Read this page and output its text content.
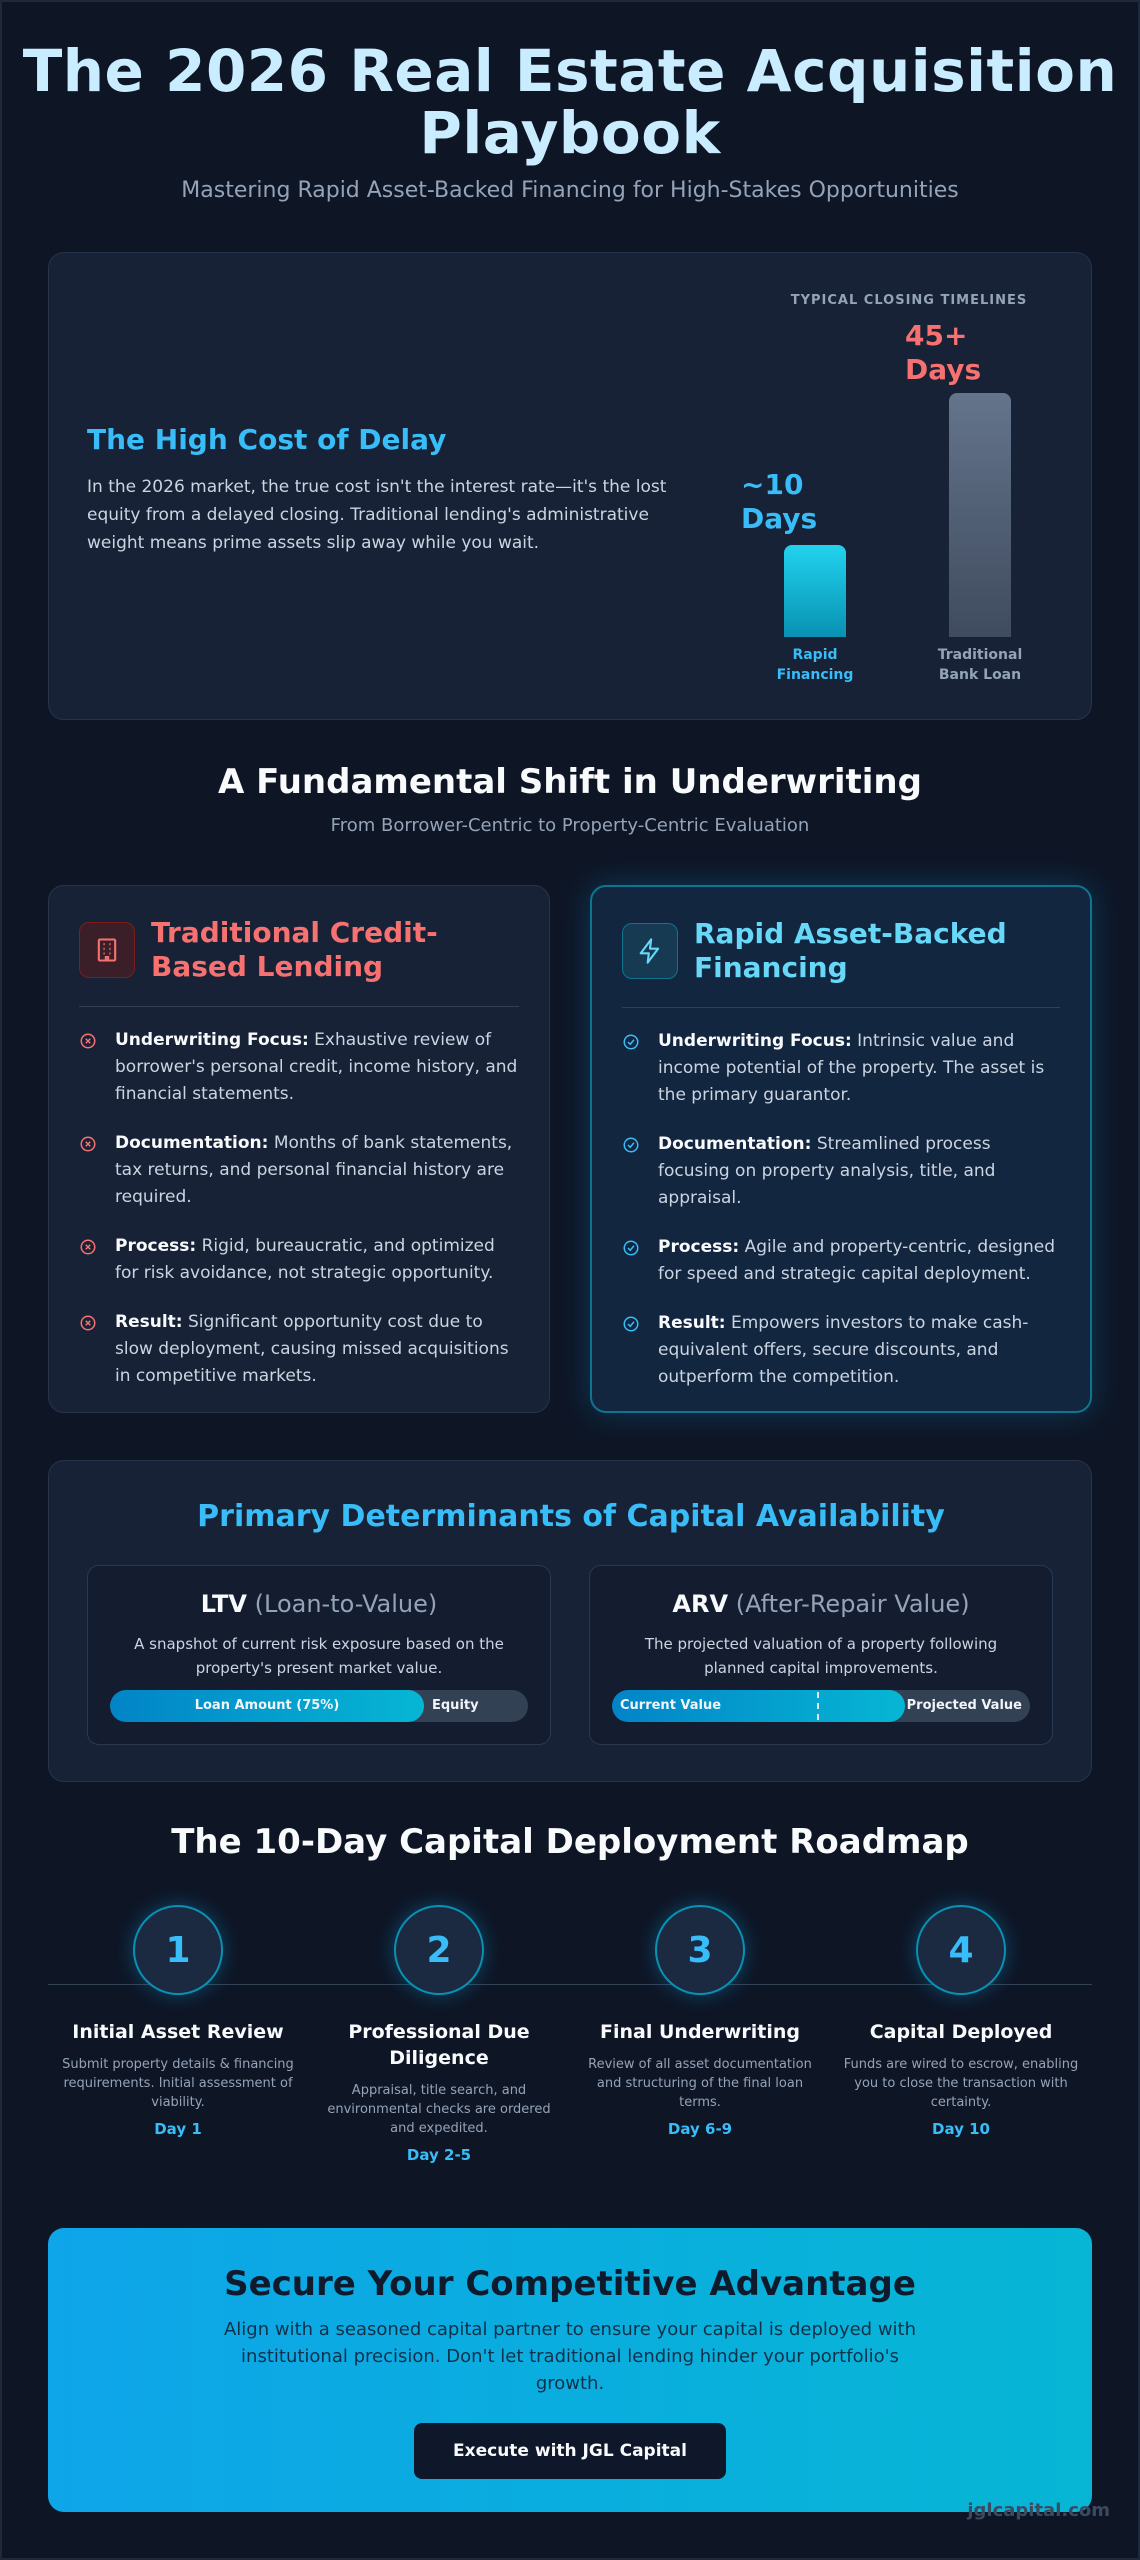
The 2026 Real Estate Acquisition Playbook
Mastering Rapid Asset-Backed Financing for High-Stakes Opportunities
The High Cost of Delay

In the 2026 market, the true cost isn't the interest rate—it's the lost equity from a delayed closing. Traditional lending's administrative weight means prime assets slip away while you wait.

TYPICAL CLOSING TIMELINES
~10 Days
45+ Days
Rapid Financing
Traditional Bank Loan
A Fundamental Shift in Underwriting
From Borrower-Centric to Property-Centric Evaluation
Traditional Credit-Based Lending
Underwriting Focus: Exhaustive review of borrower's personal credit, income history, and financial statements.
Documentation: Months of bank statements, tax returns, and personal financial history are required.
Process: Rigid, bureaucratic, and optimized for risk avoidance, not strategic opportunity.
Result: Significant opportunity cost due to slow deployment, causing missed acquisitions in competitive markets.
Rapid Asset-Backed Financing
Underwriting Focus: Intrinsic value and income potential of the property. The asset is the primary guarantor.
Documentation: Streamlined process focusing on property analysis, title, and appraisal.
Process: Agile and property-centric, designed for speed and strategic capital deployment.
Result: Empowers investors to make cash-equivalent offers, secure discounts, and outperform the competition.
Primary Determinants of Capital Availability
LTV (Loan-to-Value)
A snapshot of current risk exposure based on the property's present market value.
Loan Amount (75%)	Equity
ARV (After-Repair Value)
The projected valuation of a property following planned capital improvements.
Current Value	Projected Value
The 10-Day Capital Deployment Roadmap
1
Initial Asset Review
Submit property details & financing requirements. Initial assessment of viability.
Day 1
2
Professional Due Diligence
Appraisal, title search, and environmental checks are ordered and expedited.
Day 2-5
3
Final Underwriting
Review of all asset documentation and structuring of the final loan terms.
Day 6-9
4
Capital Deployed
Funds are wired to escrow, enabling you to close the transaction with certainty.
Day 10
Secure Your Competitive Advantage

Align with a seasoned capital partner to ensure your capital is deployed with institutional precision. Don't let traditional lending hinder your portfolio's growth.

Execute with JGL Capital
jglcapital.com
